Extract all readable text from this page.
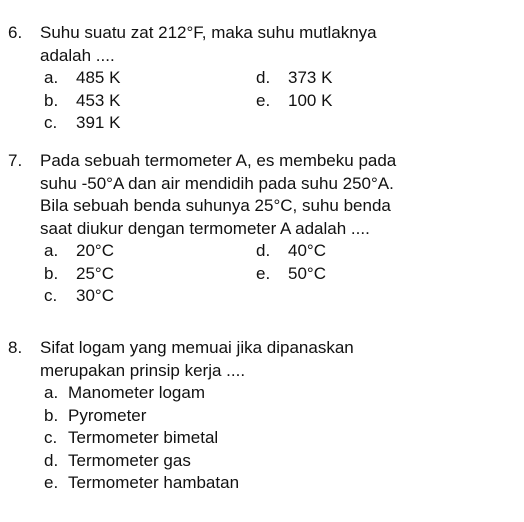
6.	Suhu suatu zat 212°F, maka suhu mutlaknya
adalah ....
a.	485 K	d.	373 K
b.	453 K	e.	100 K
c.	391 K
7.	Pada sebuah termometer A, es membeku pada
suhu -50°A dan air mendidih pada suhu 250°A.
Bila sebuah benda suhunya 25°C, suhu benda
saat diukur dengan termometer A adalah ....
a.	20°C	d.	40°C
b.	25°C	e.	50°C
c.	30°C
8.	Sifat logam yang memuai jika dipanaskan
merupakan prinsip kerja ....
a. Manometer logam
b. Pyrometer
c. Termometer bimetal
d. Termometer gas
e. Termometer hambatan
